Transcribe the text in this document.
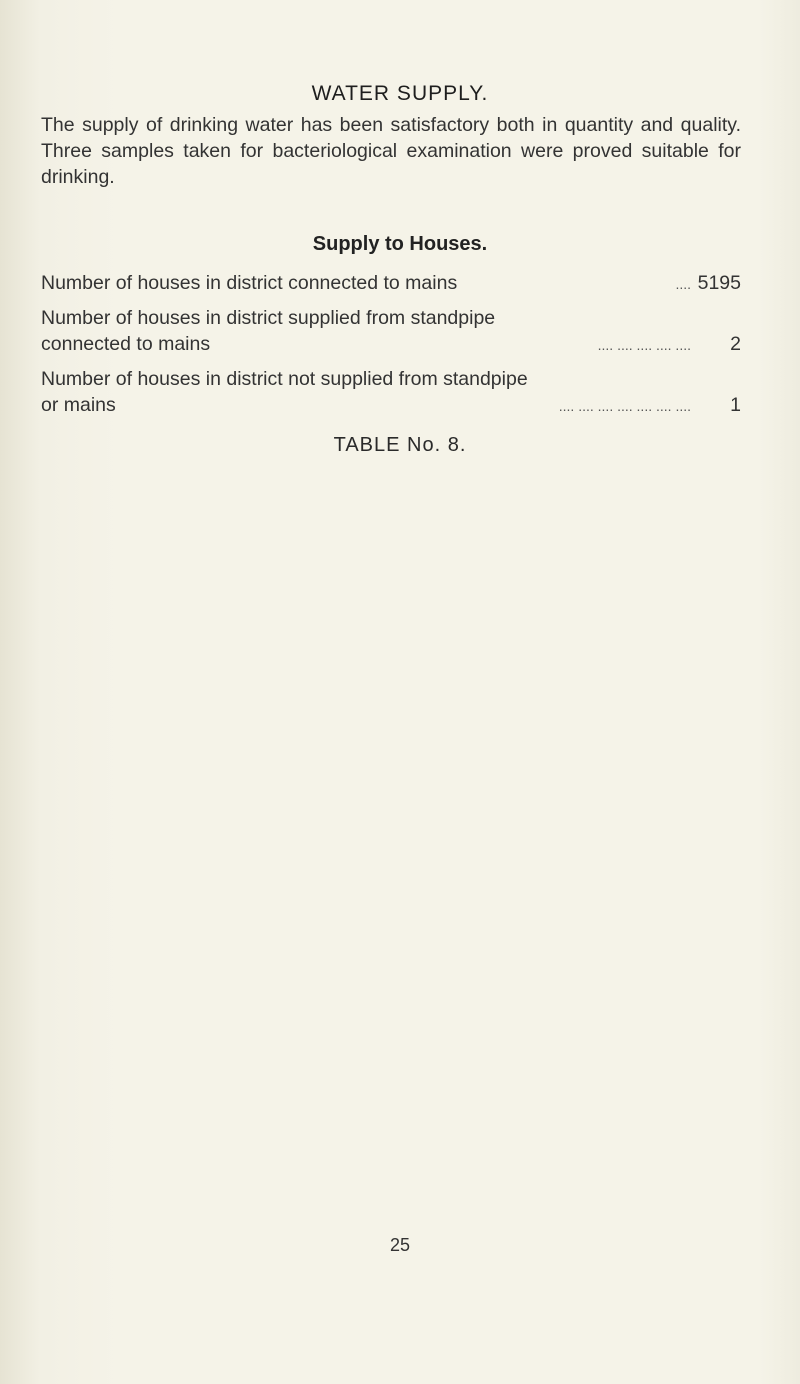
WATER SUPPLY.
The supply of drinking water has been satisfactory both in quantity and quality. Three samples taken for bacteriological examination were proved suitable for drinking.
Supply to Houses.
Number of houses in district connected to mains	.... 5195
Number of houses in district supplied from standpipe
connected to mains	.... .... .... .... ....	2
Number of houses in district not supplied from standpipe
or mains	.... .... .... .... .... .... ....	1
TABLE No. 8.
25
